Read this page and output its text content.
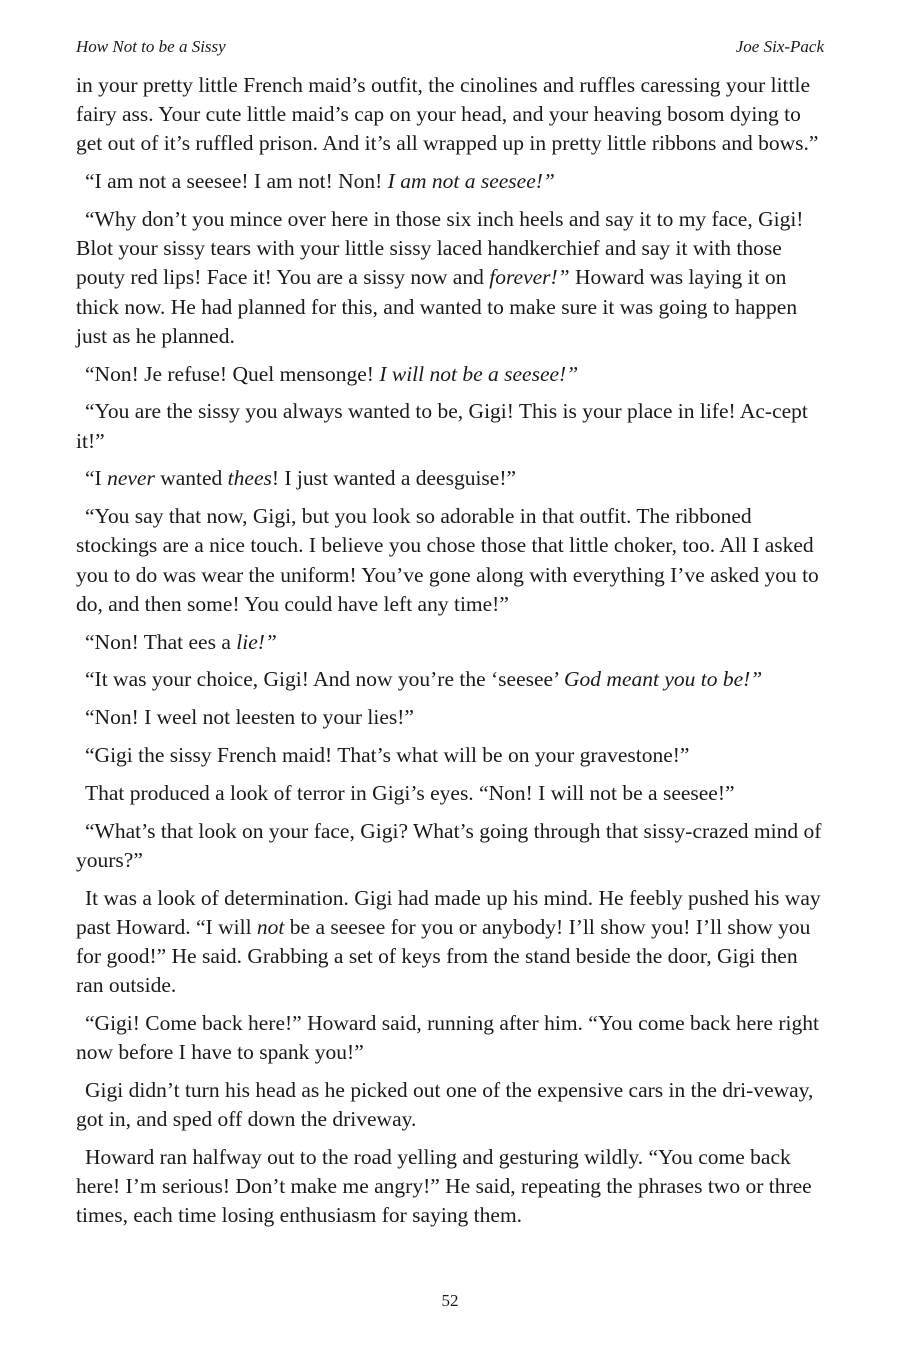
How Not to be a Sissy	Joe Six-Pack

in your pretty little French maid’s outfit, the cinolines and ruffles caressing your little fairy ass. Your cute little maid’s cap on your head, and your heaving bosom dying to get out of it’s ruffled prison. And it’s all wrapped up in pretty little ribbons and bows.”

“I am not a seesee! I am not! Non! I am not a seesee!”

“Why don’t you mince over here in those six inch heels and say it to my face, Gigi! Blot your sissy tears with your little sissy laced handkerchief and say it with those pouty red lips! Face it! You are a sissy now and forever!” Howard was laying it on thick now. He had planned for this, and wanted to make sure it was going to happen just as he planned.

“Non! Je refuse! Quel mensonge! I will not be a seesee!”

“You are the sissy you always wanted to be, Gigi! This is your place in life! Ac-cept it!”

“I never wanted thees! I just wanted a deesguise!”

“You say that now, Gigi, but you look so adorable in that outfit. The ribboned stockings are a nice touch. I believe you chose those that little choker, too. All I asked you to do was wear the uniform! You’ve gone along with everything I’ve asked you to do, and then some! You could have left any time!”

“Non! That ees a lie!”

“It was your choice, Gigi! And now you’re the ‘seesee’ God meant you to be!”

“Non! I weel not leesten to your lies!”

“Gigi the sissy French maid! That’s what will be on your gravestone!”

That produced a look of terror in Gigi’s eyes. “Non! I will not be a seesee!”

“What’s that look on your face, Gigi? What’s going through that sissy-crazed mind of yours?”

It was a look of determination. Gigi had made up his mind. He feebly pushed his way past Howard. “I will not be a seesee for you or anybody! I’ll show you! I’ll show you for good!” He said. Grabbing a set of keys from the stand beside the door, Gigi then ran outside.

“Gigi! Come back here!” Howard said, running after him. “You come back here right now before I have to spank you!”

Gigi didn’t turn his head as he picked out one of the expensive cars in the dri-veway, got in, and sped off down the driveway.

Howard ran halfway out to the road yelling and gesturing wildly. “You come back here! I’m serious! Don’t make me angry!” He said, repeating the phrases two or three times, each time losing enthusiasm for saying them.

52
